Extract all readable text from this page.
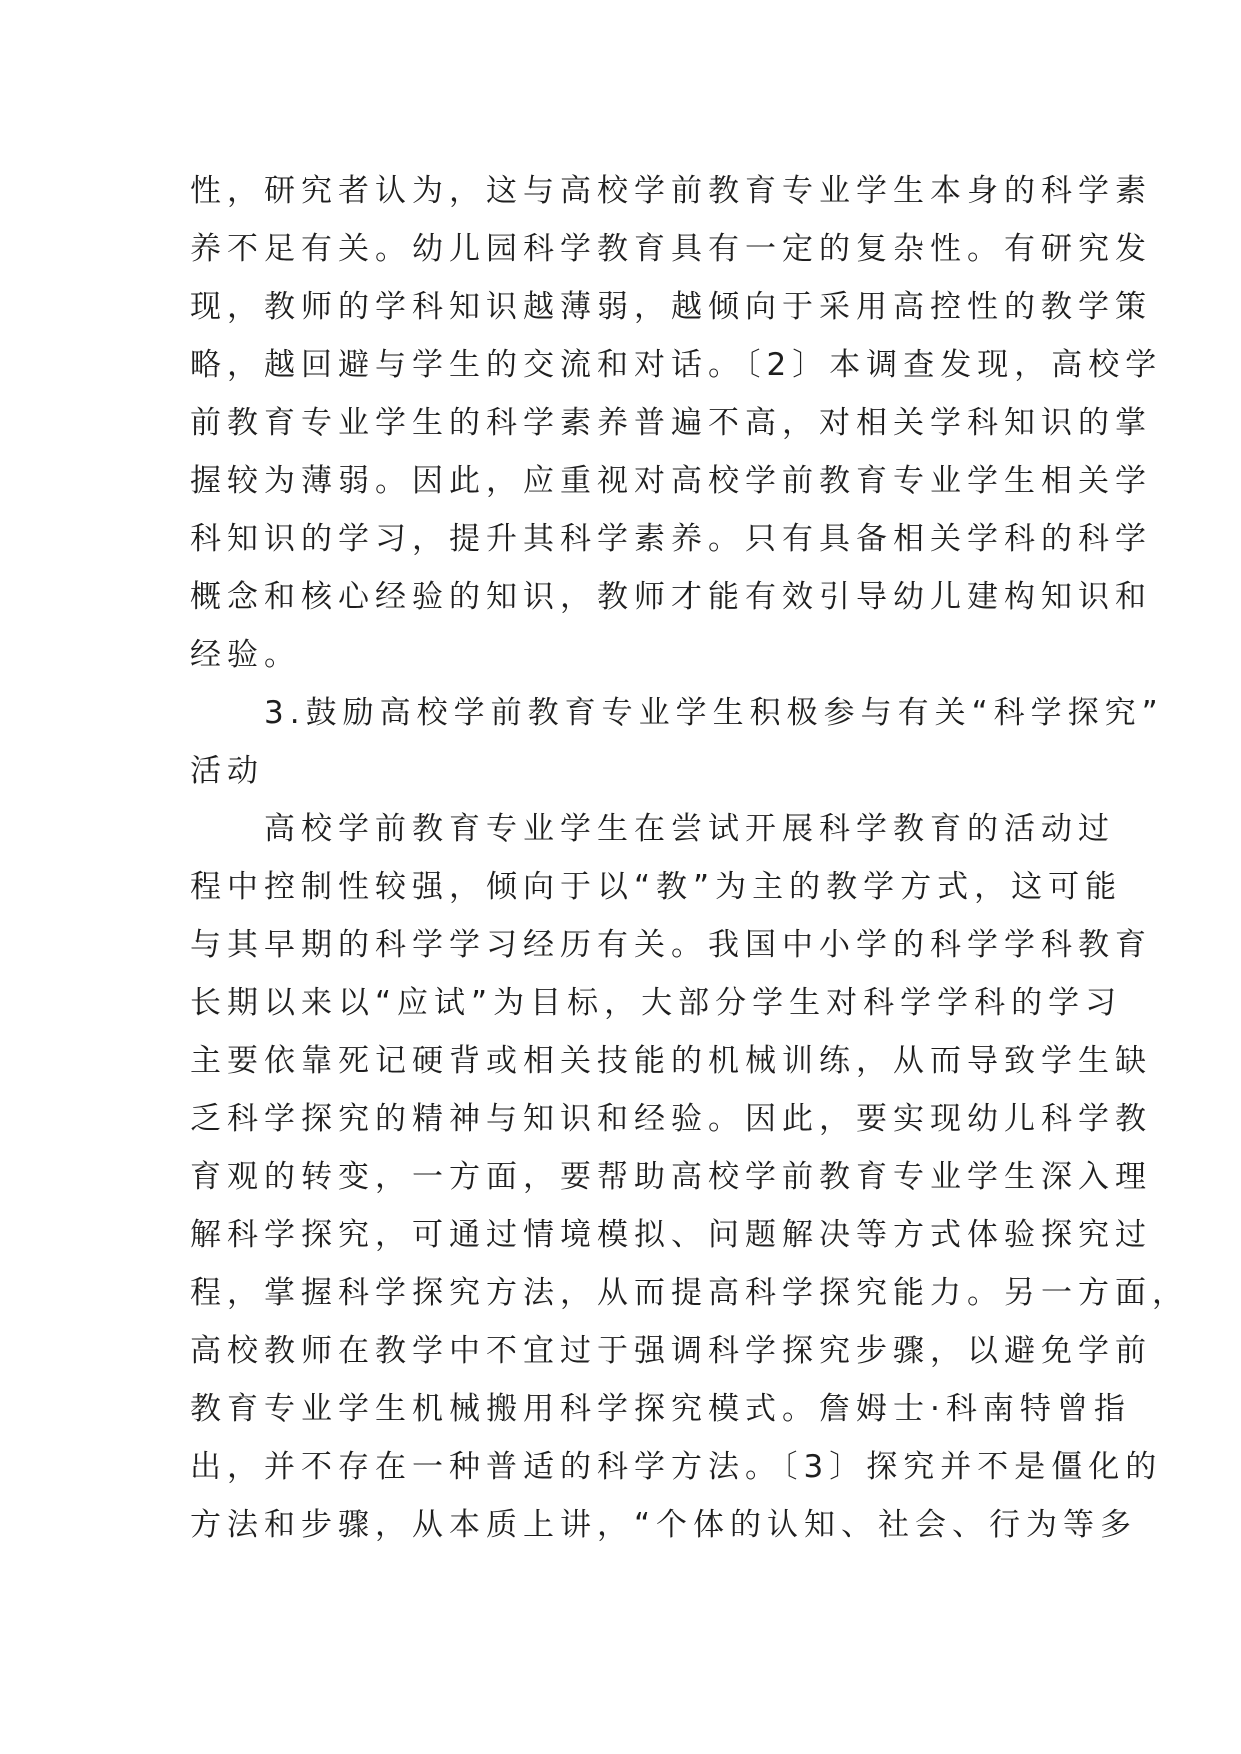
性，研究者认为，这与高校学前教育专业学生本身的科学素
养不足有关。幼儿园科学教育具有一定的复杂性。有研究发
现，教师的学科知识越薄弱，越倾向于采用高控性的教学策
略，越回避与学生的交流和对话。〔2〕本调查发现，高校学
前教育专业学生的科学素养普遍不高，对相关学科知识的掌
握较为薄弱。因此，应重视对高校学前教育专业学生相关学
科知识的学习，提升其科学素养。只有具备相关学科的科学
概念和核心经验的知识，教师才能有效引导幼儿建构知识和
经验。
　　3.鼓励高校学前教育专业学生积极参与有关“科学探究”
活动
　　高校学前教育专业学生在尝试开展科学教育的活动过
程中控制性较强，倾向于以“教”为主的教学方式，这可能
与其早期的科学学习经历有关。我国中小学的科学学科教育
长期以来以“应试”为目标，大部分学生对科学学科的学习
主要依靠死记硬背或相关技能的机械训练，从而导致学生缺
乏科学探究的精神与知识和经验。因此，要实现幼儿科学教
育观的转变，一方面，要帮助高校学前教育专业学生深入理
解科学探究，可通过情境模拟、问题解决等方式体验探究过
程，掌握科学探究方法，从而提高科学探究能力。另一方面，
高校教师在教学中不宜过于强调科学探究步骤，以避免学前
教育专业学生机械搬用科学探究模式。詹姆士·科南特曾指
出，并不存在一种普适的科学方法。〔3〕探究并不是僵化的
方法和步骤，从本质上讲，“个体的认知、社会、行为等多
